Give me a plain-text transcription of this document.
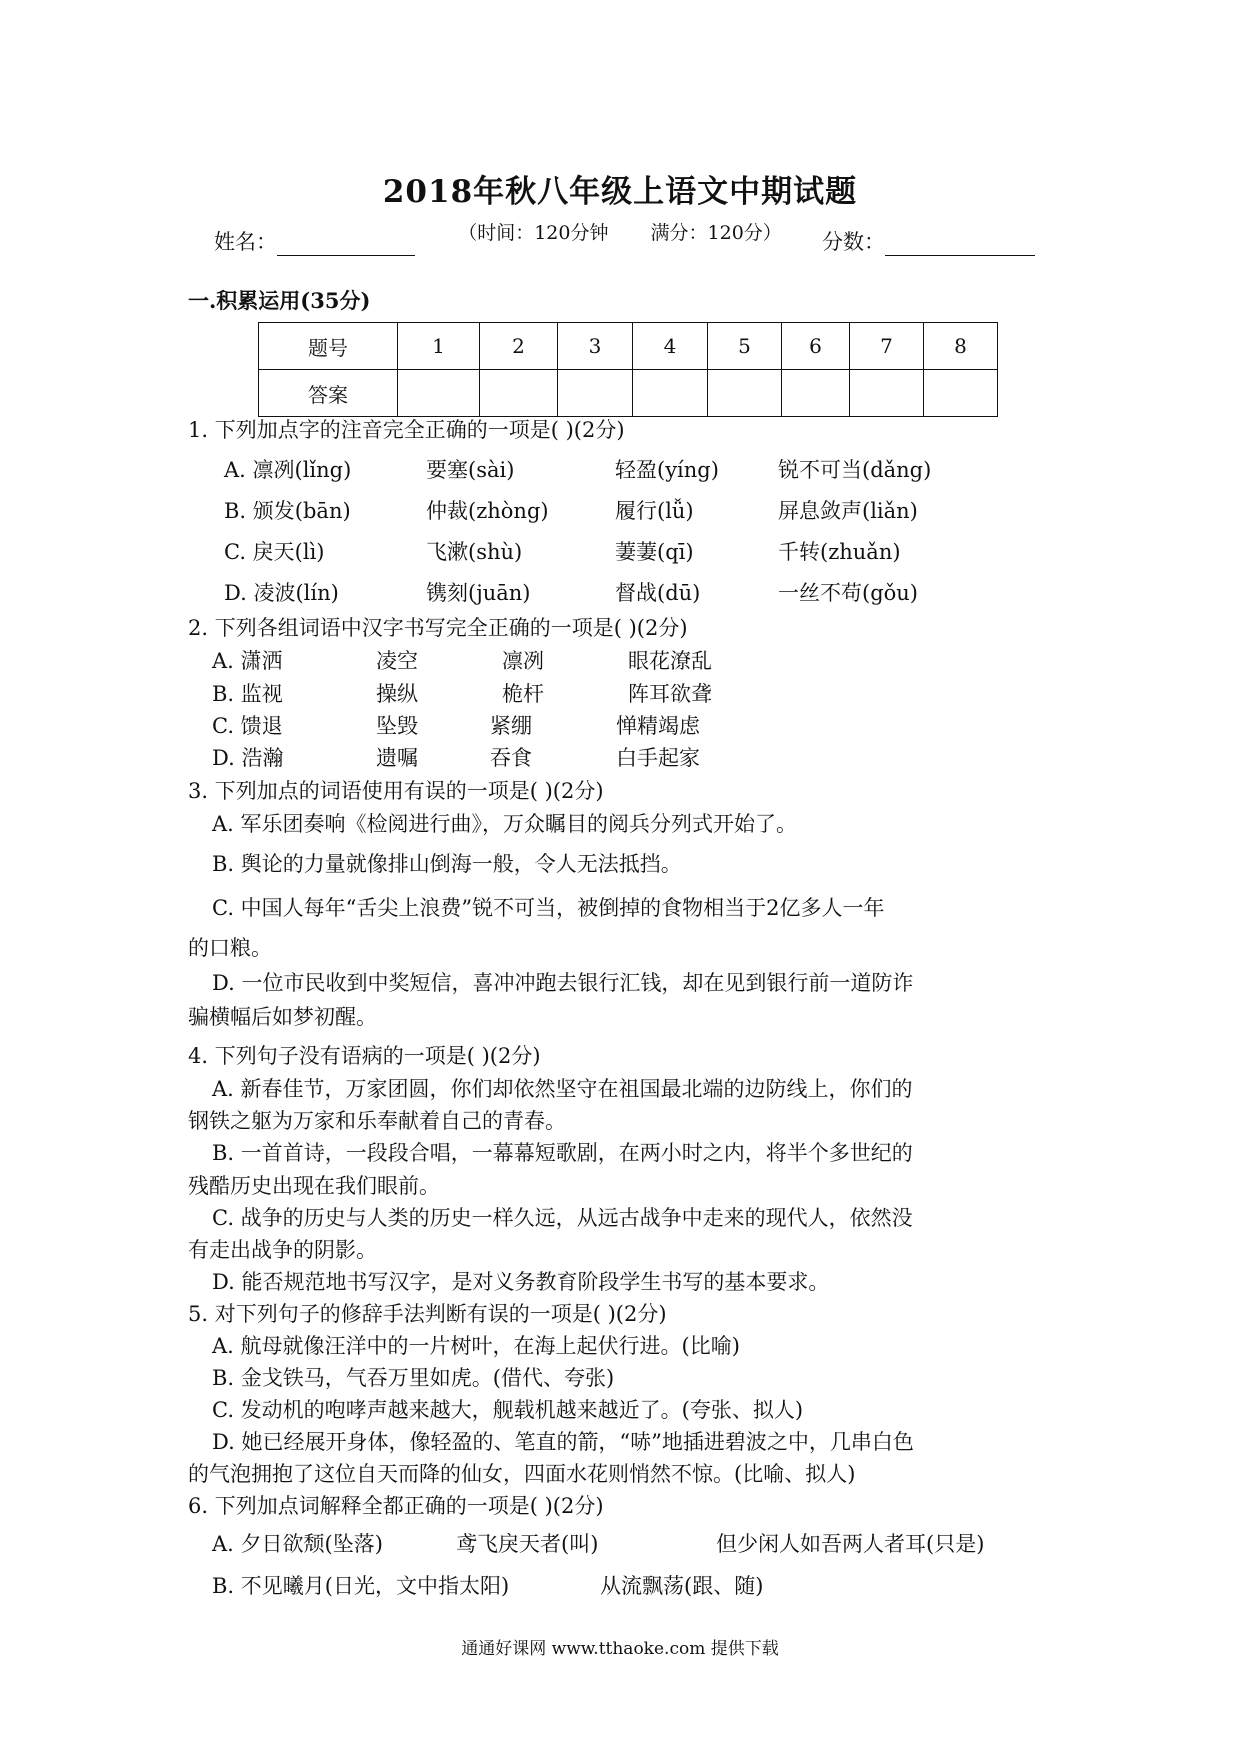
2018年秋八年级上语文中期试题
（时间：120分钟 满分：120分）
姓名：	分数：
一.积累运用(35分)
题号	1	2	3	4	5	6	7	8
答案								
1. 下列加点字的注音完全正确的一项是( )(2分)
A. 凛冽(lǐng)	要塞(sài)	轻盈(yíng)	锐不可当(dǎng)
B. 颁发(bān)	仲裁(zhòng)	履行(lǚ)	屏息敛声(liǎn)
C. 戾天(lì)	飞漱(shù)	萋萋(qī)	千转(zhuǎn)
D. 凌波(lín)	镌刻(juān)	督战(dū)	一丝不苟(gǒu)
2. 下列各组词语中汉字书写完全正确的一项是( )(2分)
A. 潇洒	凌空	凛冽	眼花潦乱
B. 监视	操纵	桅杆	阵耳欲聋
C. 馈退	坠毁	紧绷	惮精竭虑
D. 浩瀚	遗嘱	吞食	白手起家
3. 下列加点的词语使用有误的一项是( )(2分)
A. 军乐团奏响《检阅进行曲》，万众瞩目的阅兵分列式开始了。
B. 舆论的力量就像排山倒海一般，令人无法抵挡。
C. 中国人每年“舌尖上浪费”锐不可当，被倒掉的食物相当于2亿多人一年
的口粮。
D. 一位市民收到中奖短信，喜冲冲跑去银行汇钱，却在见到银行前一道防诈
骗横幅后如梦初醒。
4. 下列句子没有语病的一项是( )(2分)
A. 新春佳节，万家团圆，你们却依然坚守在祖国最北端的边防线上，你们的
钢铁之躯为万家和乐奉献着自己的青春。
B. 一首首诗，一段段合唱，一幕幕短歌剧，在两小时之内，将半个多世纪的
残酷历史出现在我们眼前。
C. 战争的历史与人类的历史一样久远，从远古战争中走来的现代人，依然没
有走出战争的阴影。
D. 能否规范地书写汉字，是对义务教育阶段学生书写的基本要求。
5. 对下列句子的修辞手法判断有误的一项是( )(2分)
A. 航母就像汪洋中的一片树叶，在海上起伏行进。(比喻)
B. 金戈铁马，气吞万里如虎。(借代、夸张)
C. 发动机的咆哮声越来越大，舰载机越来越近了。(夸张、拟人)
D. 她已经展开身体，像轻盈的、笔直的箭，“哧”地插进碧波之中，几串白色
的气泡拥抱了这位自天而降的仙女，四面水花则悄然不惊。(比喻、拟人)
6. 下列加点词解释全都正确的一项是( )(2分)
A. 夕日欲颓(坠落)	鸢飞戾天者(叫)	但少闲人如吾两人者耳(只是)
B. 不见曦月(日光，文中指太阳)	从流飘荡(跟、随)
通通好课网 www.tthaoke.com 提供下载
